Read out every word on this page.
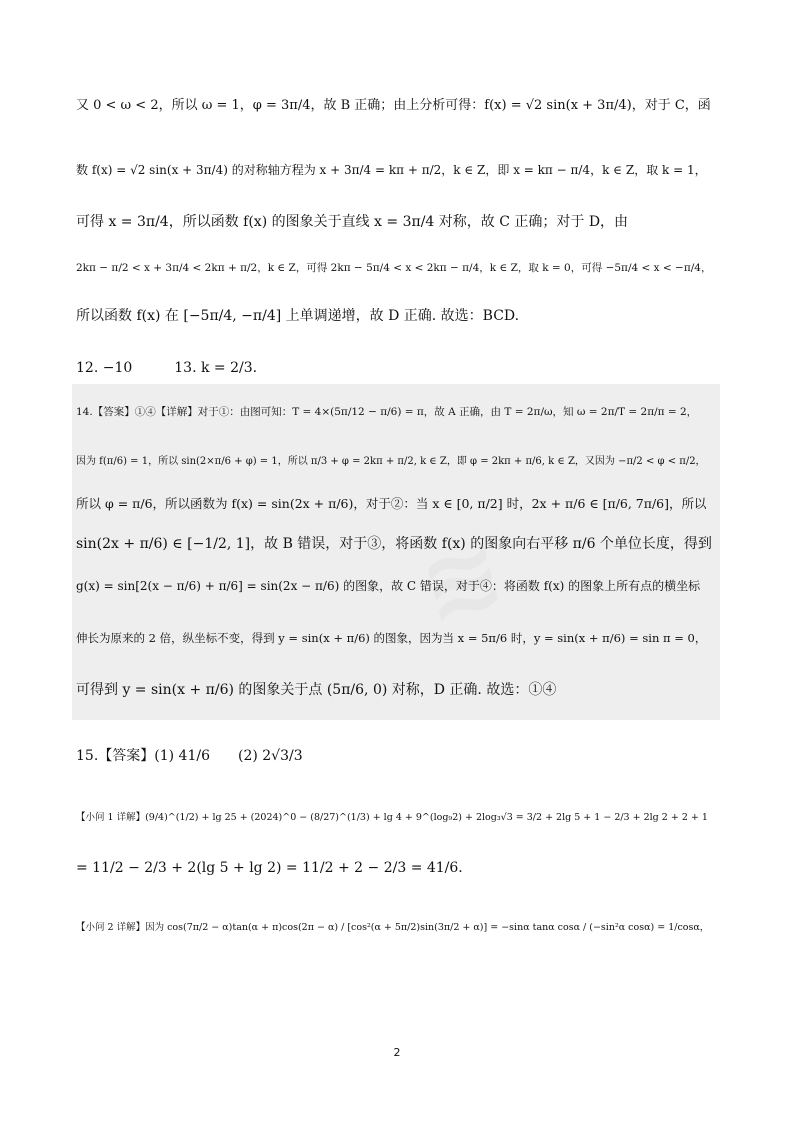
≋
又 0 < ω < 2，所以 ω = 1，φ = 3π/4，故 B 正确；由上分析可得：f(x) = √2 sin(x + 3π/4)，对于 C，函
数 f(x) = √2 sin(x + 3π/4) 的对称轴方程为 x + 3π/4 = kπ + π/2，k ∈ Z，即 x = kπ − π/4，k ∈ Z，取 k = 1，
可得 x = 3π/4，所以函数 f(x) 的图象关于直线 x = 3π/4 对称，故 C 正确；对于 D，由
2kπ − π/2 < x + 3π/4 < 2kπ + π/2，k ∈ Z，可得 2kπ − 5π/4 < x < 2kπ − π/4，k ∈ Z，取 k = 0，可得 −5π/4 < x < −π/4，
所以函数 f(x) 在 [−5π/4, −π/4] 上单调递增，故 D 正确. 故选：BCD.
12. −10　　　13. k = 2/3.
14.【答案】①④【详解】对于①：由图可知：T = 4×(5π/12 − π/6) = π，故 A 正确，由 T = 2π/ω，知 ω = 2π/T = 2π/π = 2，
因为 f(π/6) = 1，所以 sin(2×π/6 + φ) = 1，所以 π/3 + φ = 2kπ + π/2, k ∈ Z，即 φ = 2kπ + π/6, k ∈ Z，又因为 −π/2 < φ < π/2，
所以 φ = π/6，所以函数为 f(x) = sin(2x + π/6)，对于②：当 x ∈ [0, π/2] 时，2x + π/6 ∈ [π/6, 7π/6]，所以
sin(2x + π/6) ∈ [−1/2, 1]，故 B 错误，对于③，将函数 f(x) 的图象向右平移 π/6 个单位长度，得到
g(x) = sin[2(x − π/6) + π/6] = sin(2x − π/6) 的图象，故 C 错误，对于④：将函数 f(x) 的图象上所有点的横坐标
伸长为原来的 2 倍，纵坐标不变，得到 y = sin(x + π/6) 的图象，因为当 x = 5π/6 时，y = sin(x + π/6) = sin π = 0，
可得到 y = sin(x + π/6) 的图象关于点 (5π/6, 0) 对称，D 正确. 故选：①④
15.【答案】(1) 41/6　　(2) 2√3/3
【小问 1 详解】(9/4)^(1/2) + lg 25 + (2024)^0 − (8/27)^(1/3) + lg 4 + 9^(log₉2) + 2log₃√3 = 3/2 + 2lg 5 + 1 − 2/3 + 2lg 2 + 2 + 1
= 11/2 − 2/3 + 2(lg 5 + lg 2) = 11/2 + 2 − 2/3 = 41/6.
【小问 2 详解】因为 cos(7π/2 − α)tan(α + π)cos(2π − α) / [cos²(α + 5π/2)sin(3π/2 + α)] = −sinα tanα cosα / (−sin²α cosα) = 1/cosα，
2
